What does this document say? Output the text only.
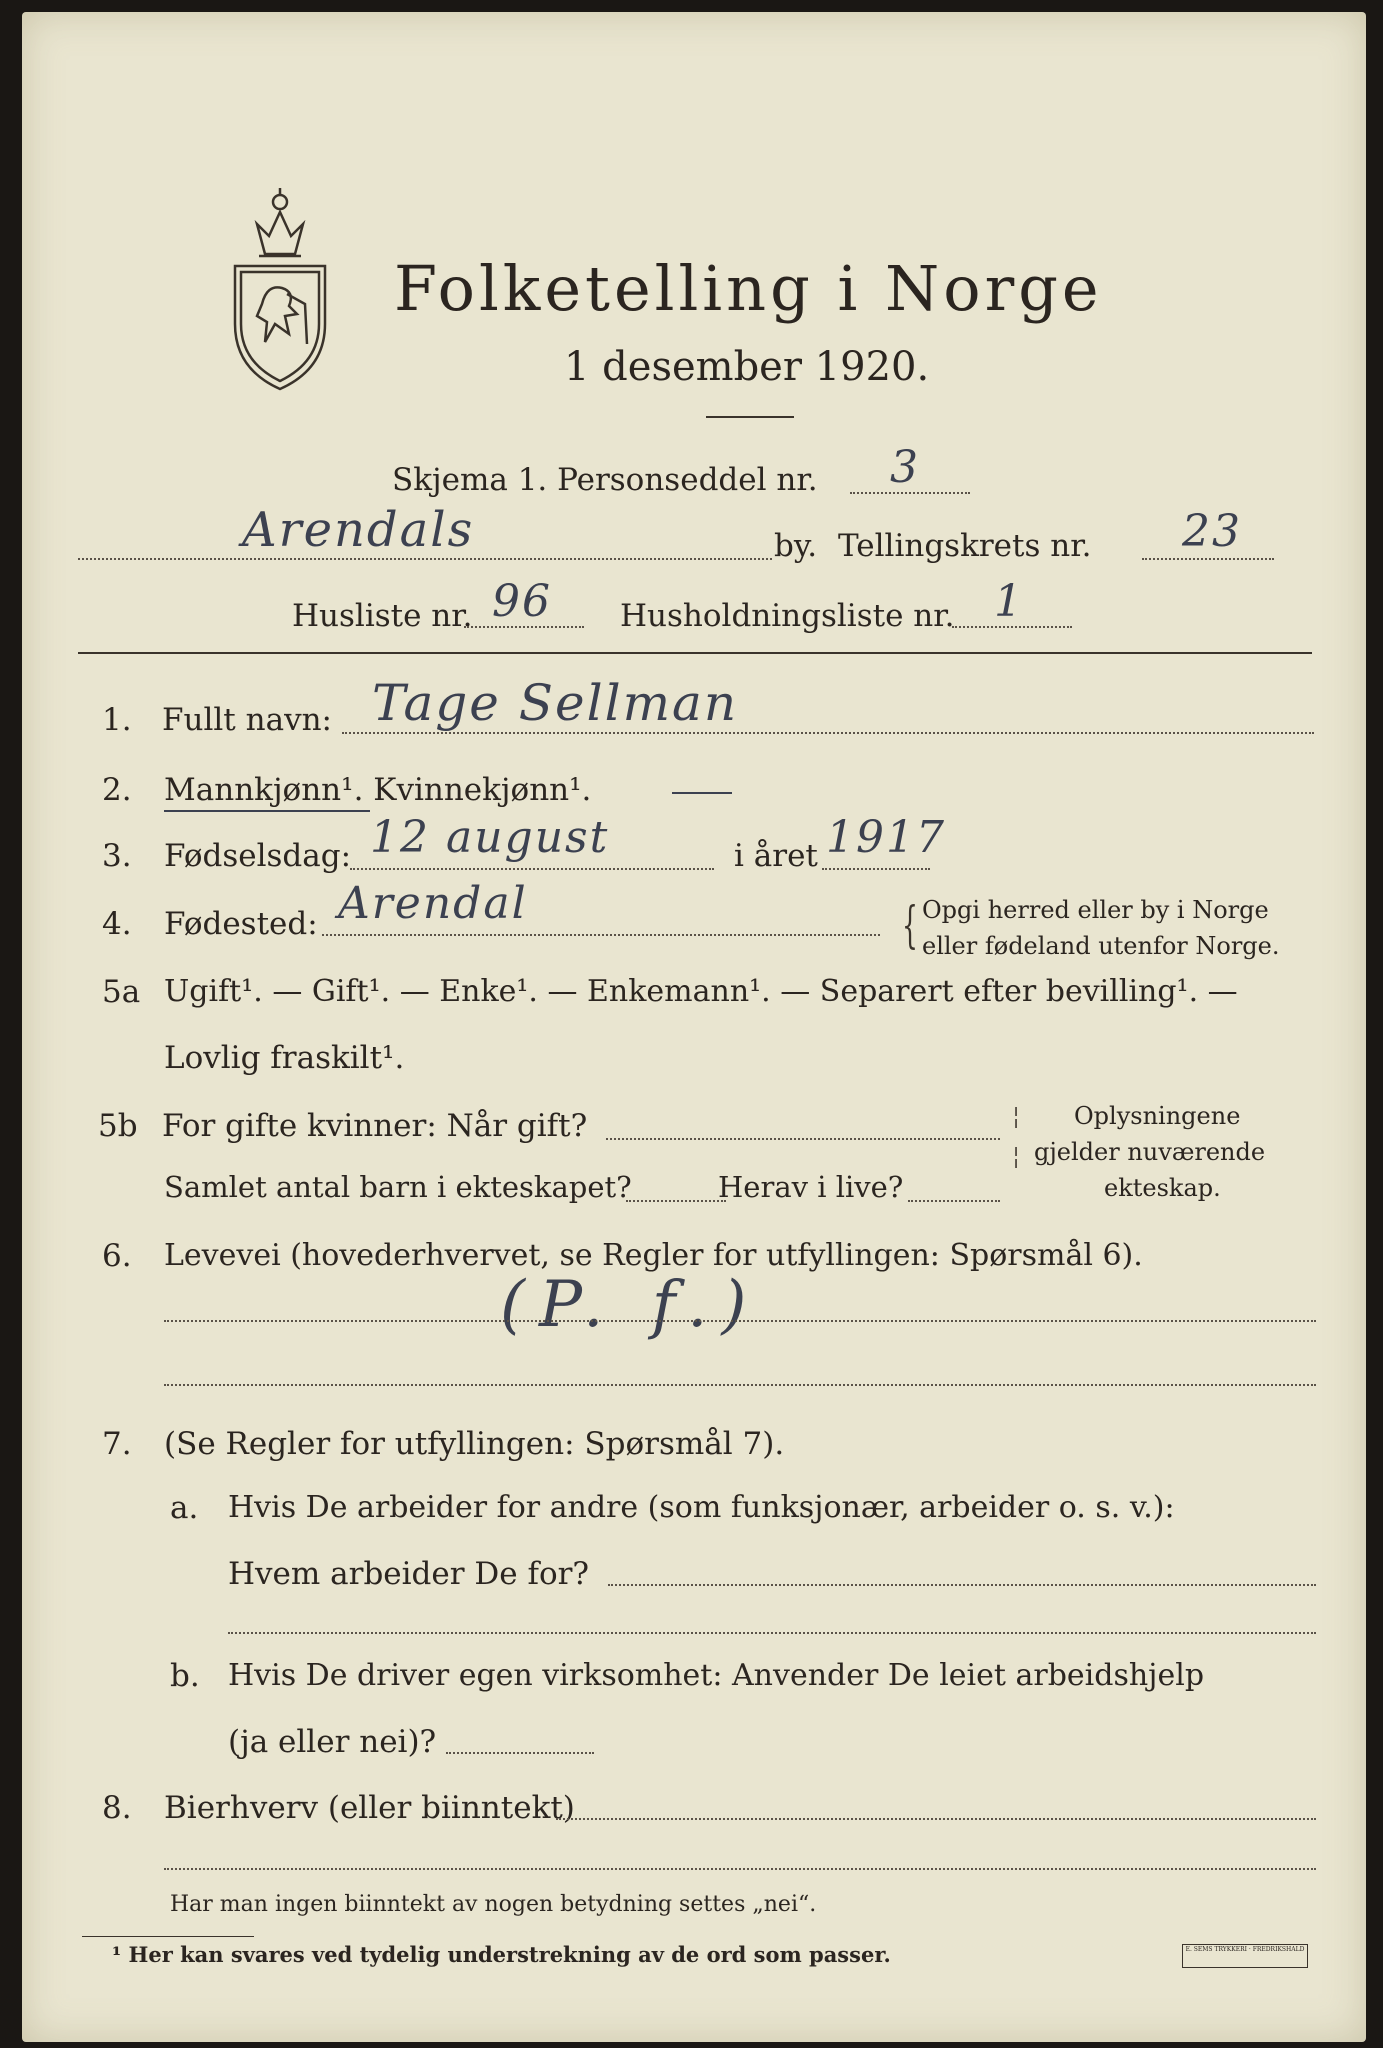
Folketelling i Norge
1 desember 1920.
Skjema 1. Personseddel nr. 3
Arendals	by. Tellingskrets nr. 23
Husliste nr. 96 Husholdningsliste nr. 1
1. Fullt navn: Tage Sellman
2. Mannkjønn¹. Kvinnekjønn¹.
3. Fødselsdag: 12 august	i året 1917
4. Fødested: Arendal	{ Opgi herred eller by i Norge
eller fødeland utenfor Norge.
5a Ugift¹. — Gift¹. — Enke¹. — Enkemann¹. — Separert efter bevilling¹. —
Lovlig fraskilt¹.
5b For gifte kvinner: Når gift?	¦ Oplysningene
Samlet antal barn i ekteskapet?	Herav i live?
¦ gjelder nuværende
ekteskap.
6. Levevei (hovederhvervet, se Regler for utfyllingen: Spørsmål 6).
(P. f.)
7. (Se Regler for utfyllingen: Spørsmål 7).
a. Hvis De arbeider for andre (som funksjonær, arbeider o. s. v.):
Hvem arbeider De for?
b. Hvis De driver egen virksomhet: Anvender De leiet arbeidshjelp
(ja eller nei)?
8. Bierhverv (eller biinntekt)
Har man ingen biinntekt av nogen betydning settes „nei“.
¹ Her kan svares ved tydelig understrekning av de ord som passer.	E. SEMS TRYKKERI · FREDRIKSHALD
